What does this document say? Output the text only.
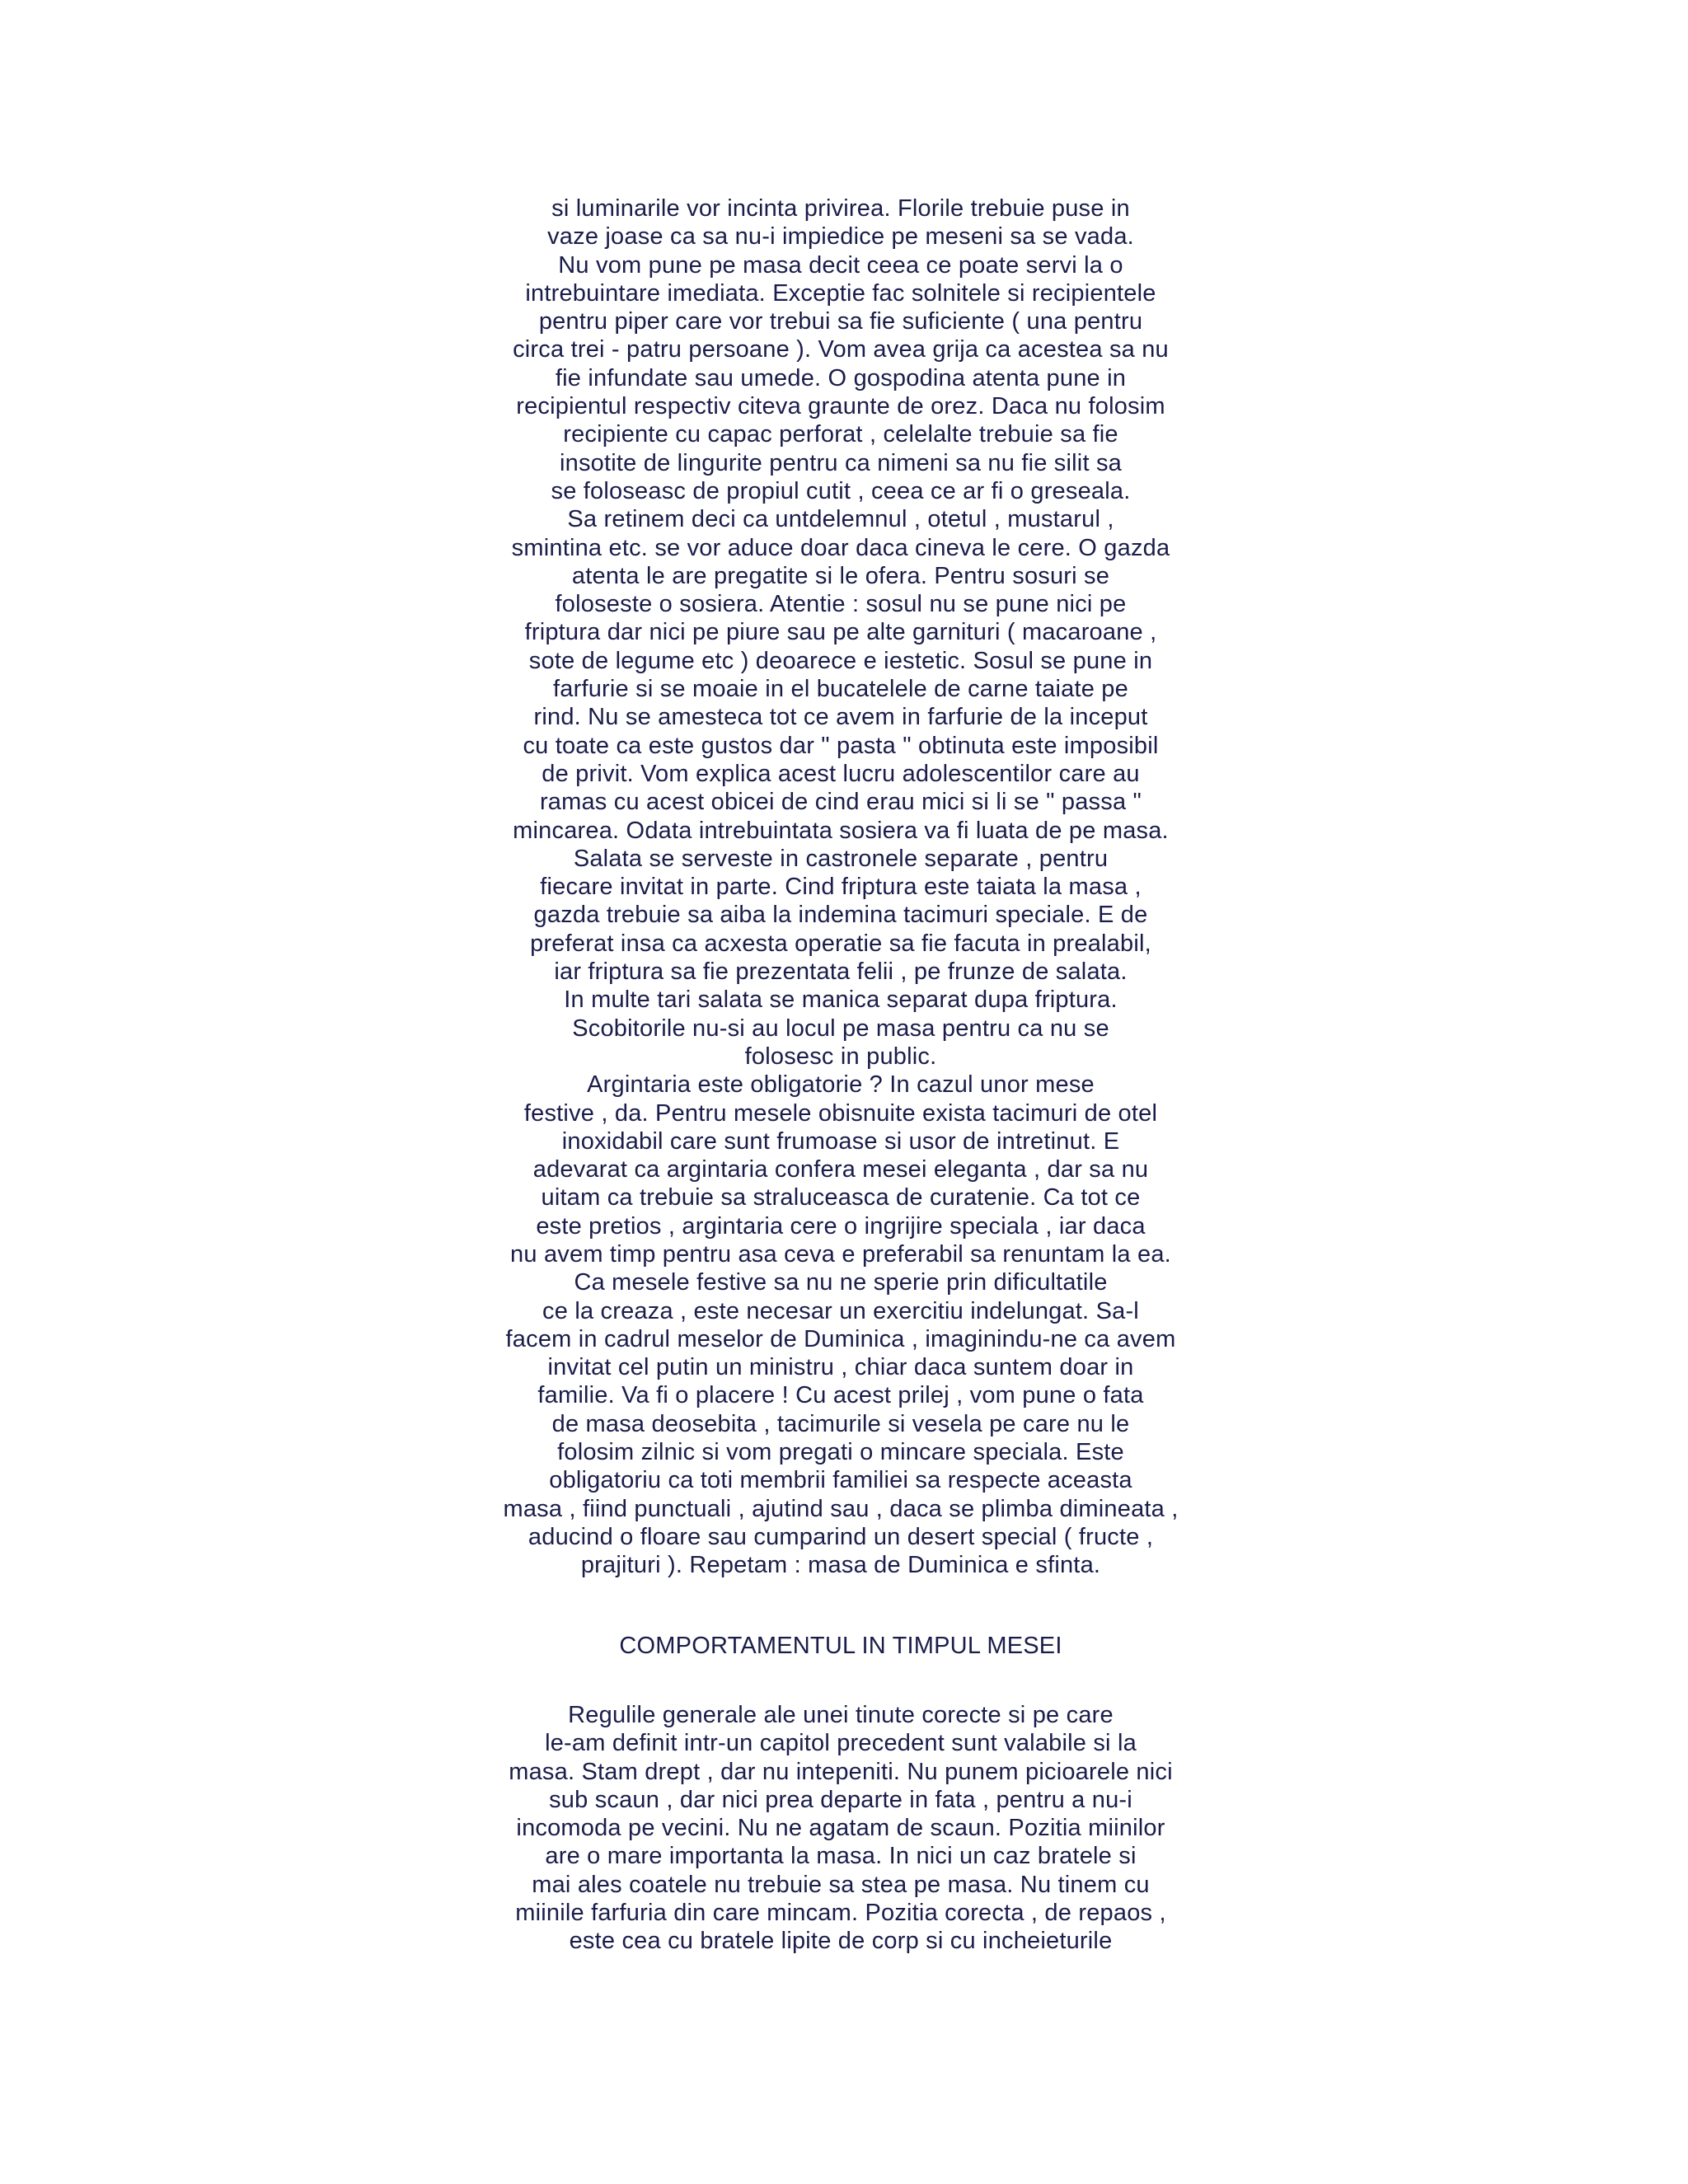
si luminarile vor incinta privirea. Florile trebuie puse in
vaze joase ca sa nu-i impiedice pe meseni sa se vada.
Nu vom pune pe masa decit ceea ce poate servi la o
intrebuintare imediata. Exceptie fac solnitele si recipientele
pentru piper care vor trebui sa fie suficiente ( una pentru
circa trei - patru persoane ). Vom avea grija ca acestea sa nu
fie infundate sau umede. O gospodina atenta pune in
recipientul respectiv citeva graunte de orez. Daca nu folosim
recipiente cu capac perforat , celelalte trebuie sa fie
insotite de lingurite pentru ca nimeni sa nu fie silit sa
se foloseasc de propiul cutit , ceea ce ar fi o greseala.
Sa retinem deci ca untdelemnul , otetul , mustarul ,
smintina etc. se vor aduce doar daca cineva le cere. O gazda
atenta le are pregatite si le ofera. Pentru sosuri se
foloseste o sosiera. Atentie : sosul nu se pune nici pe
friptura dar nici pe piure sau pe alte garnituri ( macaroane ,
sote de legume etc ) deoarece e iestetic. Sosul se pune in
farfurie si se moaie in el bucatelele de carne taiate pe
rind. Nu se amesteca tot ce avem in farfurie de la inceput
cu toate ca este gustos dar " pasta " obtinuta este imposibil
de privit. Vom explica acest lucru adolescentilor care au
ramas cu acest obicei de cind erau mici si li se " passa "
mincarea. Odata intrebuintata sosiera va fi luata de pe masa.
Salata se serveste in castronele separate , pentru
fiecare invitat in parte. Cind friptura este taiata la masa ,
gazda trebuie sa aiba la indemina tacimuri speciale. E de
preferat insa ca acxesta operatie sa fie facuta in prealabil,
iar friptura sa fie prezentata felii , pe frunze de salata.
In multe tari salata se manica separat dupa friptura.
Scobitorile nu-si au locul pe masa pentru ca nu se
folosesc in public.
Argintaria este obligatorie ? In cazul unor mese
festive , da. Pentru mesele obisnuite exista tacimuri de otel
inoxidabil care sunt frumoase si usor de intretinut. E
adevarat ca argintaria confera mesei eleganta , dar sa nu
uitam ca trebuie sa straluceasca de curatenie. Ca tot ce
este pretios , argintaria cere o ingrijire speciala , iar daca
nu avem timp pentru asa ceva e preferabil sa renuntam la ea.
Ca mesele festive sa nu ne sperie prin dificultatile
ce la creaza , este necesar un exercitiu indelungat. Sa-l
facem in cadrul meselor de Duminica , imaginindu-ne ca avem
invitat cel putin un ministru , chiar daca suntem doar in
familie. Va fi o placere ! Cu acest prilej , vom pune o fata
de masa deosebita , tacimurile si vesela pe care nu le
folosim zilnic si vom pregati o mincare speciala. Este
obligatoriu ca toti membrii familiei sa respecte aceasta
masa , fiind punctuali , ajutind sau , daca se plimba dimineata ,
aducind o floare sau cumparind un desert special ( fructe ,
prajituri ). Repetam : masa de Duminica e sfinta.
COMPORTAMENTUL IN TIMPUL MESEI
Regulile generale ale unei tinute corecte si pe care
le-am definit intr-un capitol precedent sunt valabile si la
masa. Stam drept , dar nu intepeniti. Nu punem picioarele nici
sub scaun , dar nici prea departe in fata , pentru a nu-i
incomoda pe vecini. Nu ne agatam de scaun. Pozitia miinilor
are o mare importanta la masa. In nici un caz bratele si
mai ales coatele nu trebuie sa stea pe masa. Nu tinem cu
miinile farfuria din care mincam. Pozitia corecta , de repaos ,
este cea cu bratele lipite de corp si cu incheieturile
